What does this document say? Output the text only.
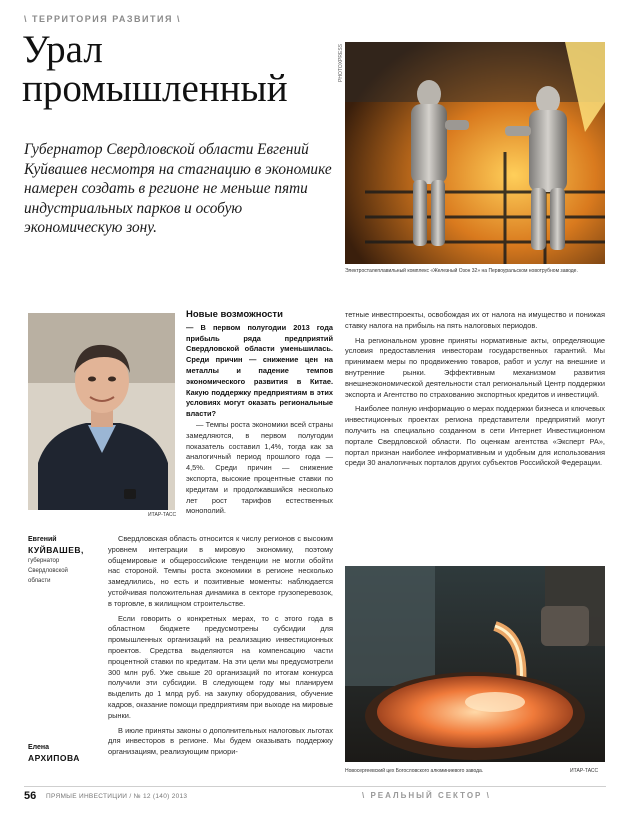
\ ТЕРРИТОРИЯ РАЗВИТИЯ \
Урал
промышленный
Губернатор Свердловской области Евгений Куйвашев несмотря на стагнацию в экономике намерен создать в регионе не меньше пяти индустриальных парков и особую экономическую зону.
PHOTOXPRESS
Электросталеплавильный комплекс «Железный Озон 32» на Первоуральском новотрубном заводе.
ИТАР-ТАСС
Евгений
КУЙВАШЕВ,
губернатор
Свердловской
области
Елена
АРХИПОВА
Новые возможности

— В первом полугодии 2013 года прибыль ряда предприятий Свердловской области уменьшилась. Среди причин — снижение цен на металлы и падение темпов экономического развития в Китае. Какую поддержку предприятиям в этих условиях могут оказать региональные власти?

— Темпы роста экономики всей страны замедляются, в первом полугодии показатель составил 1,4%, тогда как за аналогичный период прошлого года — 4,5%. Среди причин — снижение экспорта, высокие процентные ставки по кредитам и продолжавшийся несколько лет рост тарифов естественных монополий.

Свердловская область относится к числу регионов с высоким уровнем интеграции в мировую экономику, поэтому общемировые и общероссийские тенденции не могли обойти нас стороной. Темпы роста экономики в регионе несколько замедлились, но есть и позитивные моменты: наблюдается устойчивая положительная динамика в секторе грузоперевозок, в торговле, в жилищном строительстве.

Если говорить о конкретных мерах, то с этого года в областном бюджете предусмотрены субсидии для промышленных организаций на реализацию инвестиционных проектов. Средства выделяются на компенсацию части процентной ставки по кредитам. На эти цели мы предусмотрели 300 млн руб. Уже свыше 20 организаций по итогам конкурса получили эти субсидии. В следующем году мы планируем выделить до 1 млрд руб. на закупку оборудования, обучение кадров, оказание помощи предприятиям при выходе на мировые рынки.

В июле приняты законы о дополнительных налоговых льготах для инвесторов в регионе. Мы будем оказывать поддержку организациям, реализующим приори-

тетные инвестпроекты, освобождая их от налога на имущество и понижая ставку налога на прибыль на пять налоговых периодов.

На региональном уровне приняты нормативные акты, определяющие условия предоставления инвесторам государственных гарантий. Мы принимаем меры по продвижению товаров, работ и услуг на внешние и внутренние рынки. Эффективным механизмом развития внешнеэкономической деятельности стал региональный Центр поддержки экспорта и Агентство по страхованию экспортных кредитов и инвестиций.

Наиболее полную информацию о мерах поддержки бизнеса и ключевых инвестиционных проектах региона представители предприятий могут получить на специально созданном в сети Интернет Инвестиционном портале Свердловской области. По оценкам агентства «Эксперт РА», портал признан наиболее информативным и удобным для использования среди 30 аналогичных порталов других субъектов Российской Федерации.

Новосергеевский цех Богословского алюминиевого завода.	ИТАР-ТАСС
56 ПРЯМЫЕ ИНВЕСТИЦИИ / № 12 (140) 2013	\ РЕАЛЬНЫЙ СЕКТОР \
